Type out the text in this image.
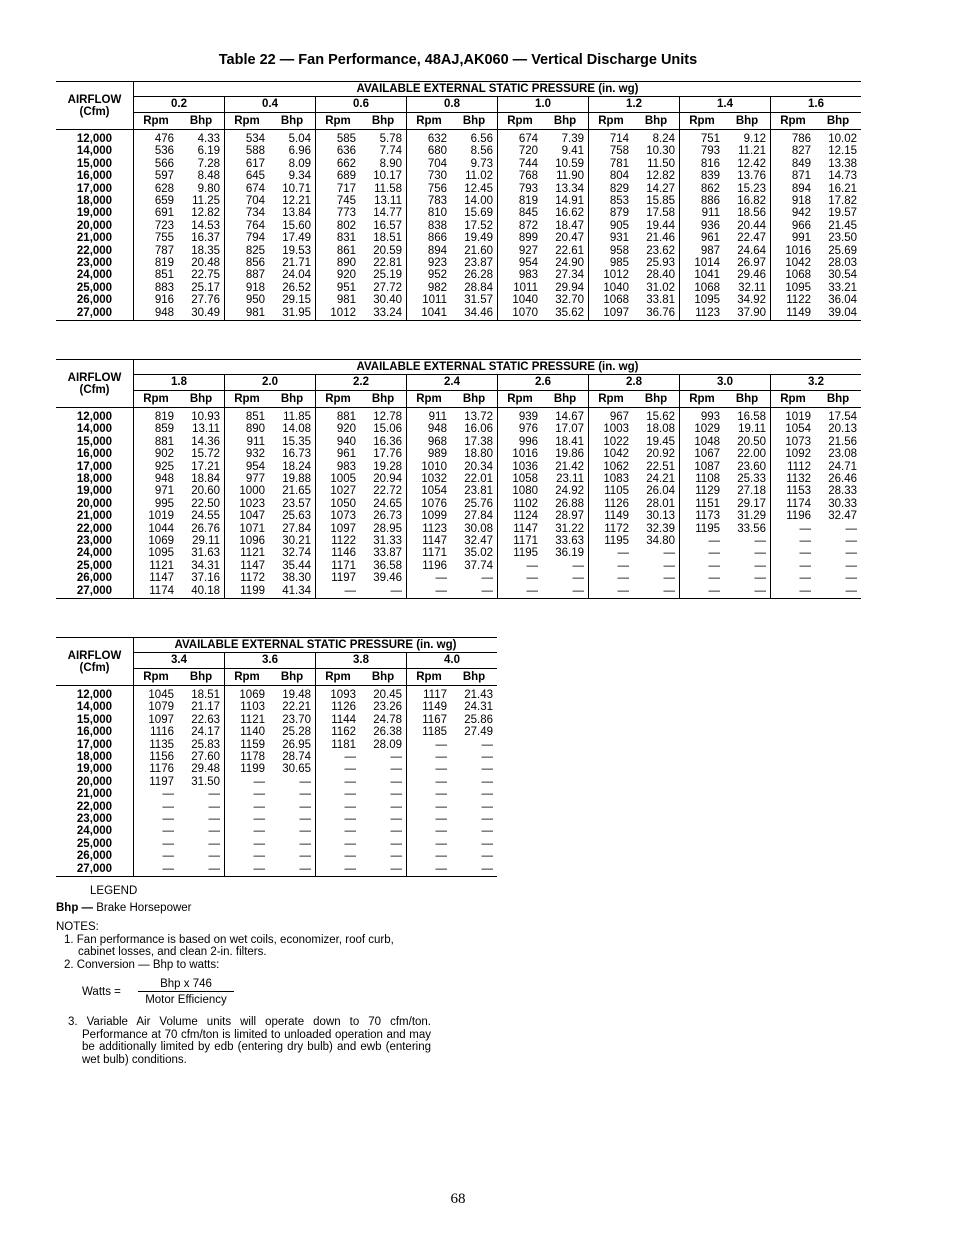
Table 22 — Fan Performance, 48AJ,AK060 — Vertical Discharge Units
AIRFLOW
(Cfm)	AVAILABLE EXTERNAL STATIC PRESSURE (in. wg)															
	0.2		0.4		0.6		0.8		1.0		1.2		1.4		1.6	
	Rpm	Bhp	Rpm	Bhp	Rpm	Bhp	Rpm	Bhp	Rpm	Bhp	Rpm	Bhp	Rpm	Bhp	Rpm	Bhp
12,000	476	4.33	534	5.04	585	5.78	632	6.56	674	7.39	714	8.24	751	9.12	786	10.02
14,000	536	6.19	588	6.96	636	7.74	680	8.56	720	9.41	758	10.30	793	11.21	827	12.15
15,000	566	7.28	617	8.09	662	8.90	704	9.73	744	10.59	781	11.50	816	12.42	849	13.38
16,000	597	8.48	645	9.34	689	10.17	730	11.02	768	11.90	804	12.82	839	13.76	871	14.73
17,000	628	9.80	674	10.71	717	11.58	756	12.45	793	13.34	829	14.27	862	15.23	894	16.21
18,000	659	11.25	704	12.21	745	13.11	783	14.00	819	14.91	853	15.85	886	16.82	918	17.82
19,000	691	12.82	734	13.84	773	14.77	810	15.69	845	16.62	879	17.58	911	18.56	942	19.57
20,000	723	14.53	764	15.60	802	16.57	838	17.52	872	18.47	905	19.44	936	20.44	966	21.45
21,000	755	16.37	794	17.49	831	18.51	866	19.49	899	20.47	931	21.46	961	22.47	991	23.50
22,000	787	18.35	825	19.53	861	20.59	894	21.60	927	22.61	958	23.62	987	24.64	1016	25.69
23,000	819	20.48	856	21.71	890	22.81	923	23.87	954	24.90	985	25.93	1014	26.97	1042	28.03
24,000	851	22.75	887	24.04	920	25.19	952	26.28	983	27.34	1012	28.40	1041	29.46	1068	30.54
25,000	883	25.17	918	26.52	951	27.72	982	28.84	1011	29.94	1040	31.02	1068	32.11	1095	33.21
26,000	916	27.76	950	29.15	981	30.40	1011	31.57	1040	32.70	1068	33.81	1095	34.92	1122	36.04
27,000	948	30.49	981	31.95	1012	33.24	1041	34.46	1070	35.62	1097	36.76	1123	37.90	1149	39.04
AIRFLOW
(Cfm)	AVAILABLE EXTERNAL STATIC PRESSURE (in. wg)															
	1.8		2.0		2.2		2.4		2.6		2.8		3.0		3.2	
	Rpm	Bhp	Rpm	Bhp	Rpm	Bhp	Rpm	Bhp	Rpm	Bhp	Rpm	Bhp	Rpm	Bhp	Rpm	Bhp
12,000	819	10.93	851	11.85	881	12.78	911	13.72	939	14.67	967	15.62	993	16.58	1019	17.54
14,000	859	13.11	890	14.08	920	15.06	948	16.06	976	17.07	1003	18.08	1029	19.11	1054	20.13
15,000	881	14.36	911	15.35	940	16.36	968	17.38	996	18.41	1022	19.45	1048	20.50	1073	21.56
16,000	902	15.72	932	16.73	961	17.76	989	18.80	1016	19.86	1042	20.92	1067	22.00	1092	23.08
17,000	925	17.21	954	18.24	983	19.28	1010	20.34	1036	21.42	1062	22.51	1087	23.60	1112	24.71
18,000	948	18.84	977	19.88	1005	20.94	1032	22.01	1058	23.11	1083	24.21	1108	25.33	1132	26.46
19,000	971	20.60	1000	21.65	1027	22.72	1054	23.81	1080	24.92	1105	26.04	1129	27.18	1153	28.33
20,000	995	22.50	1023	23.57	1050	24.65	1076	25.76	1102	26.88	1126	28.01	1151	29.17	1174	30.33
21,000	1019	24.55	1047	25.63	1073	26.73	1099	27.84	1124	28.97	1149	30.13	1173	31.29	1196	32.47
22,000	1044	26.76	1071	27.84	1097	28.95	1123	30.08	1147	31.22	1172	32.39	1195	33.56	—	—
23,000	1069	29.11	1096	30.21	1122	31.33	1147	32.47	1171	33.63	1195	34.80	—	—	—	—
24,000	1095	31.63	1121	32.74	1146	33.87	1171	35.02	1195	36.19	—	—	—	—	—	—
25,000	1121	34.31	1147	35.44	1171	36.58	1196	37.74	—	—	—	—	—	—	—	—
26,000	1147	37.16	1172	38.30	1197	39.46	—	—	—	—	—	—	—	—	—	—
27,000	1174	40.18	1199	41.34	—	—	—	—	—	—	—	—	—	—	—	—
AIRFLOW
(Cfm)	AVAILABLE EXTERNAL STATIC PRESSURE (in. wg)							
	3.4		3.6		3.8		4.0	
	Rpm	Bhp	Rpm	Bhp	Rpm	Bhp	Rpm	Bhp
12,000	1045	18.51	1069	19.48	1093	20.45	1117	21.43
14,000	1079	21.17	1103	22.21	1126	23.26	1149	24.31
15,000	1097	22.63	1121	23.70	1144	24.78	1167	25.86
16,000	1116	24.17	1140	25.28	1162	26.38	1185	27.49
17,000	1135	25.83	1159	26.95	1181	28.09	—	—
18,000	1156	27.60	1178	28.74	—	—	—	—
19,000	1176	29.48	1199	30.65	—	—	—	—
20,000	1197	31.50	—	—	—	—	—	—
21,000	—	—	—	—	—	—	—	—
22,000	—	—	—	—	—	—	—	—
23,000	—	—	—	—	—	—	—	—
24,000	—	—	—	—	—	—	—	—
25,000	—	—	—	—	—	—	—	—
26,000	—	—	—	—	—	—	—	—
27,000	—	—	—	—	—	—	—	—

LEGEND

Bhp — Brake Horsepower

NOTES:

1. Fan performance is based on wet coils, economizer, roof curb, cabinet losses, and clean 2-in. filters.

2. Conversion — Bhp to watts:

Watts =
Bhp x 746
Motor Efficiency

3. Variable Air Volume units will operate down to 70 cfm/ton. Performance at 70 cfm/ton is limited to unloaded operation and may be additionally limited by edb (entering dry bulb) and ewb (entering wet bulb) conditions.

68
